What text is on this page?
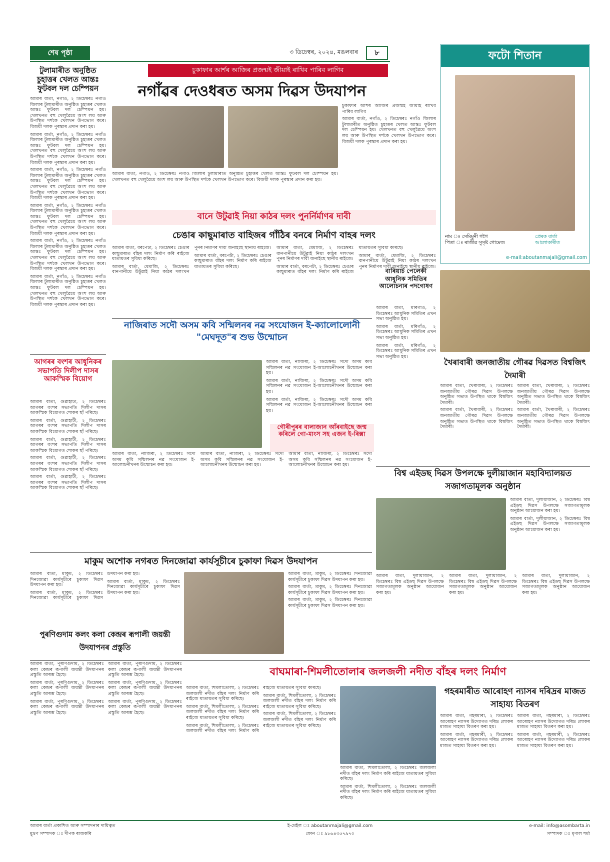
শেষ পৃষ্ঠা	৩ ডিচেম্বৰ, ২০২৪, মঙলবাৰ	৮
টুলামাৰীত অনুষ্ঠিত চুহাত্তৰ খেলত আন্তঃ ফুটবল দল চেম্পিয়ন

আমাৰ বাৰ্তা, নগাঁও, ২ ডিচেম্বৰঃ নগাঁও জিলাৰ টুলামাৰীত অনুষ্ঠিত চুহাত্তৰ খেলত আন্তঃ ফুটবল দল চেম্পিয়ন হয়। খেলখনত বহু খেলুৱৈয়ে অংশ লয় আৰু উপস্থিত দৰ্শকে খেলখন উপভোগ কৰে। বিজয়ী দলক পুৰস্কাৰ প্ৰদান কৰা হয়।

আমাৰ বাৰ্তা, নগাঁও, ২ ডিচেম্বৰঃ নগাঁও জিলাৰ টুলামাৰীত অনুষ্ঠিত চুহাত্তৰ খেলত আন্তঃ ফুটবল দল চেম্পিয়ন হয়। খেলখনত বহু খেলুৱৈয়ে অংশ লয় আৰু উপস্থিত দৰ্শকে খেলখন উপভোগ কৰে। বিজয়ী দলক পুৰস্কাৰ প্ৰদান কৰা হয়।

আমাৰ বাৰ্তা, নগাঁও, ২ ডিচেম্বৰঃ নগাঁও জিলাৰ টুলামাৰীত অনুষ্ঠিত চুহাত্তৰ খেলত আন্তঃ ফুটবল দল চেম্পিয়ন হয়। খেলখনত বহু খেলুৱৈয়ে অংশ লয় আৰু উপস্থিত দৰ্শকে খেলখন উপভোগ কৰে। বিজয়ী দলক পুৰস্কাৰ প্ৰদান কৰা হয়।

আমাৰ বাৰ্তা, নগাঁও, ২ ডিচেম্বৰঃ নগাঁও জিলাৰ টুলামাৰীত অনুষ্ঠিত চুহাত্তৰ খেলত আন্তঃ ফুটবল দল চেম্পিয়ন হয়। খেলখনত বহু খেলুৱৈয়ে অংশ লয় আৰু উপস্থিত দৰ্শকে খেলখন উপভোগ কৰে। বিজয়ী দলক পুৰস্কাৰ প্ৰদান কৰা হয়।

আমাৰ বাৰ্তা, নগাঁও, ২ ডিচেম্বৰঃ নগাঁও জিলাৰ টুলামাৰীত অনুষ্ঠিত চুহাত্তৰ খেলত আন্তঃ ফুটবল দল চেম্পিয়ন হয়। খেলখনত বহু খেলুৱৈয়ে অংশ লয় আৰু উপস্থিত দৰ্শকে খেলখন উপভোগ কৰে। বিজয়ী দলক পুৰস্কাৰ প্ৰদান কৰা হয়।

আমাৰ বাৰ্তা, নগাঁও, ২ ডিচেম্বৰঃ নগাঁও জিলাৰ টুলামাৰীত অনুষ্ঠিত চুহাত্তৰ খেলত আন্তঃ ফুটবল দল চেম্পিয়ন হয়। খেলখনত বহু খেলুৱৈয়ে অংশ লয় আৰু উপস্থিত দৰ্শকে খেলখন উপভোগ কৰে। বিজয়ী দলক পুৰস্কাৰ প্ৰদান কৰা হয়।

চুকাফাৰ আৰ্শৰ আজিৰ প্ৰজন্মই জীয়াই ৰাখিব পাৰিব লাগিব
নগাঁৱৰ দেওধৰত অসম দিৱস উদযাপন

চুকাফাৰ আৰ্শৰ আজিৰ প্ৰজন্মই জীয়াই ৰাখিব পাৰিব লাগিব

আমাৰ বাৰ্তা, নগাঁও, ২ ডিচেম্বৰঃ নগাঁও জিলাৰ টুলামাৰীত অনুষ্ঠিত চুহাত্তৰ খেলত আন্তঃ ফুটবল দল চেম্পিয়ন হয়। খেলখনত বহু খেলুৱৈয়ে অংশ লয় আৰু উপস্থিত দৰ্শকে খেলখন উপভোগ কৰে। বিজয়ী দলক পুৰস্কাৰ প্ৰদান কৰা হয়।

আমাৰ বাৰ্তা, নগাঁও, ২ ডিচেম্বৰঃ নগাঁও জিলাৰ টুলামাৰীত অনুষ্ঠিত চুহাত্তৰ খেলত আন্তঃ ফুটবল দল চেম্পিয়ন হয়। খেলখনত বহু খেলুৱৈয়ে অংশ লয় আৰু উপস্থিত দৰ্শকে খেলখন উপভোগ কৰে। বিজয়ী দলক পুৰস্কাৰ প্ৰদান কৰা হয়।

ফটো শিতান
নাম ঃ সেমিমুনী গগৈ
পিতা ঃ ৰাজীৱ সুসৃষ্ট গোমেজ
প্ৰেৰক বাৰ্তা
আলোকাৰীত
e-mail:aboutanmajali@gmail.com
বানে উটুৱাই নিয়া কাঠৰ দলং পুনৰ্নিৰ্মাণৰ দাবী
চেঙাৰ কাছুমাৰাত বাহিজৰ গাঁঠিৰ বনৰে নিৰ্মাণ বাহৰ দলং

আমাৰ বাৰ্তা, বৰপেটা, ২ ডিচেম্বৰঃ চেঙাৰ কাছুমাৰাত বাঁহৰ দলং নিৰ্মাণ কৰি ৰাইজে যাতায়তৰ সুবিধা কৰিছে।

আমাৰ বাৰ্তা, ধেমাজি, ২ ডিচেম্বৰঃ বানপানীয়ে উটুৱাই নিয়া কাঠৰ দলংখন পুনৰ নিৰ্মাণৰ দাবী জনাইছে স্থানীয় ৰাইজে।

আমাৰ বাৰ্তা, বৰপেটা, ২ ডিচেম্বৰঃ চেঙাৰ কাছুমাৰাত বাঁহৰ দলং নিৰ্মাণ কৰি ৰাইজে যাতায়তৰ সুবিধা কৰিছে।

আমাৰ বাৰ্তা, ধেমাজি, ২ ডিচেম্বৰঃ বানপানীয়ে উটুৱাই নিয়া কাঠৰ দলংখন পুনৰ নিৰ্মাণৰ দাবী জনাইছে স্থানীয় ৰাইজে।

আমাৰ বাৰ্তা, বৰপেটা, ২ ডিচেম্বৰঃ চেঙাৰ কাছুমাৰাত বাঁহৰ দলং নিৰ্মাণ কৰি ৰাইজে যাতায়তৰ সুবিধা কৰিছে।

আমাৰ বাৰ্তা, ধেমাজি, ২ ডিচেম্বৰঃ বানপানীয়ে উটুৱাই নিয়া কাঠৰ দলংখন পুনৰ নিৰ্মাণৰ দাবী জনাইছে স্থানীয় ৰাইজে।

বাৰিয়াৰ্চ পেলেকী আধুনিক সমিতিৰ আলোচনাৰ পদগোষণ

আমাৰ বাৰ্তা, মৰিগাঁও, ২ ডিচেম্বৰঃ আধুনিক সমিতিৰ এখন সভা অনুষ্ঠিত হয়।

আমাৰ বাৰ্তা, মৰিগাঁও, ২ ডিচেম্বৰঃ আধুনিক সমিতিৰ এখন সভা অনুষ্ঠিত হয়।

আমাৰ বাৰ্তা, মৰিগাঁও, ২ ডিচেম্বৰঃ আধুনিক সমিতিৰ এখন সভা অনুষ্ঠিত হয়।

আগৰৰ বংশৰ আধুনিকৰ সভাপতি দিলীপ দাসৰ আকস্মিক বিয়োগ

আমাৰ বাৰ্তা, গুৱাহাটী, ২ ডিচেম্বৰঃ আগৰৰ বংশৰ সভাপতি দিলীপ দাসৰ আকস্মিক বিয়োগত শোকৰ ছাঁ পৰিছে।

আমাৰ বাৰ্তা, গুৱাহাটী, ২ ডিচেম্বৰঃ আগৰৰ বংশৰ সভাপতি দিলীপ দাসৰ আকস্মিক বিয়োগত শোকৰ ছাঁ পৰিছে।

আমাৰ বাৰ্তা, গুৱাহাটী, ২ ডিচেম্বৰঃ আগৰৰ বংশৰ সভাপতি দিলীপ দাসৰ আকস্মিক বিয়োগত শোকৰ ছাঁ পৰিছে।

আমাৰ বাৰ্তা, গুৱাহাটী, ২ ডিচেম্বৰঃ আগৰৰ বংশৰ সভাপতি দিলীপ দাসৰ আকস্মিক বিয়োগত শোকৰ ছাঁ পৰিছে।

আমাৰ বাৰ্তা, গুৱাহাটী, ২ ডিচেম্বৰঃ আগৰৰ বংশৰ সভাপতি দিলীপ দাসৰ আকস্মিক বিয়োগত শোকৰ ছাঁ পৰিছে।

খৈৰাবাৰী জনজাতীয় গৌৰৱ দিৱসত বিশ্বজিৎ দৈমাৰী

আমাৰ বাৰ্তা, খৈৰাবাৰী, ২ ডিচেম্বৰঃ জনজাতীয় গৌৰৱ দিৱস উপলক্ষে অনুষ্ঠিত সভাত উপস্থিত থাকে বিশ্বজিৎ দৈমাৰী।

আমাৰ বাৰ্তা, খৈৰাবাৰী, ২ ডিচেম্বৰঃ জনজাতীয় গৌৰৱ দিৱস উপলক্ষে অনুষ্ঠিত সভাত উপস্থিত থাকে বিশ্বজিৎ দৈমাৰী।

আমাৰ বাৰ্তা, খৈৰাবাৰী, ২ ডিচেম্বৰঃ জনজাতীয় গৌৰৱ দিৱস উপলক্ষে অনুষ্ঠিত সভাত উপস্থিত থাকে বিশ্বজিৎ দৈমাৰী।

আমাৰ বাৰ্তা, খৈৰাবাৰী, ২ ডিচেম্বৰঃ জনজাতীয় গৌৰৱ দিৱস উপলক্ষে অনুষ্ঠিত সভাত উপস্থিত থাকে বিশ্বজিৎ দৈমাৰী।

নাজিৰাত সদৌ অসম কবি সন্মিলনৰ নৱ সংযোজন ই-ক্যালোলোনী "মেঘদূত"ৰ শুভ উন্মোচন

আমাৰ বাৰ্তা, নাজিৰা, ২ ডিচেম্বৰঃ সদৌ অসম কবি সন্মিলনৰ নৱ সংযোজন ই-আলোচনীখনৰ উন্মোচন কৰা হয়।

আমাৰ বাৰ্তা, নাজিৰা, ২ ডিচেম্বৰঃ সদৌ অসম কবি সন্মিলনৰ নৱ সংযোজন ই-আলোচনীখনৰ উন্মোচন কৰা হয়।

আমাৰ বাৰ্তা, নাজিৰা, ২ ডিচেম্বৰঃ সদৌ অসম কবি সন্মিলনৰ নৱ সংযোজন ই-আলোচনীখনৰ উন্মোচন কৰা হয়।

আমাৰ বাৰ্তা, নাজিৰা, ২ ডিচেম্বৰঃ সদৌ অসম কবি সন্মিলনৰ নৱ সংযোজন ই-আলোচনীখনৰ উন্মোচন কৰা হয়।

আমাৰ বাৰ্তা, নাজিৰা, ২ ডিচেম্বৰঃ সদৌ অসম কবি সন্মিলনৰ নৱ সংযোজন ই-আলোচনীখনৰ উন্মোচন কৰা হয়।

আমাৰ বাৰ্তা, নাজিৰা, ২ ডিচেম্বৰঃ সদৌ অসম কবি সন্মিলনৰ নৱ সংযোজন ই-আলোচনীখনৰ উন্মোচন কৰা হয়।

গৌৰীপুৰৰ বালাজান আঁৰবাইছে জন্ম কৰিলে গো-মাংস সহ এজন ই-ৰিক্সা
বিশ্ব এইডছ দিৱস উপলক্ষে দুলীয়াজান মহাবিদ্যালয়ত সজাগতামূলক অনুষ্ঠান

আমাৰ বাৰ্তা, দুলীয়াজান, ২ ডিচেম্বৰঃ বিশ্ব এইডছ দিৱস উপলক্ষে সজাগতামূলক অনুষ্ঠান আয়োজন কৰা হয়।

আমাৰ বাৰ্তা, দুলীয়াজান, ২ ডিচেম্বৰঃ বিশ্ব এইডছ দিৱস উপলক্ষে সজাগতামূলক অনুষ্ঠান আয়োজন কৰা হয়।

আমাৰ বাৰ্তা, দুলীয়াজান, ২ ডিচেম্বৰঃ বিশ্ব এইডছ দিৱস উপলক্ষে সজাগতামূলক অনুষ্ঠান আয়োজন কৰা হয়।

আমাৰ বাৰ্তা, দুলীয়াজান, ২ ডিচেম্বৰঃ বিশ্ব এইডছ দিৱস উপলক্ষে সজাগতামূলক অনুষ্ঠান আয়োজন কৰা হয়।

আমাৰ বাৰ্তা, দুলীয়াজান, ২ ডিচেম্বৰঃ বিশ্ব এইডছ দিৱস উপলক্ষে সজাগতামূলক অনুষ্ঠান আয়োজন কৰা হয়।

মাকুম অশোক নগৰত দিনজোৱা কাৰ্যসূচীৰে চুকাফা দিৱস উদযাপন

আমাৰ বাৰ্তা, মাকুম, ২ ডিচেম্বৰঃ দিনজোৱা কাৰ্যসূচীৰে চুকাফা দিৱস উদযাপন কৰা হয়।

আমাৰ বাৰ্তা, মাকুম, ২ ডিচেম্বৰঃ দিনজোৱা কাৰ্যসূচীৰে চুকাফা দিৱস উদযাপন কৰা হয়।

আমাৰ বাৰ্তা, মাকুম, ২ ডিচেম্বৰঃ দিনজোৱা কাৰ্যসূচীৰে চুকাফা দিৱস উদযাপন কৰা হয়।

আমাৰ বাৰ্তা, মাকুম, ২ ডিচেম্বৰঃ দিনজোৱা কাৰ্যসূচীৰে চুকাফা দিৱস উদযাপন কৰা হয়।

আমাৰ বাৰ্তা, মাকুম, ২ ডিচেম্বৰঃ দিনজোৱা কাৰ্যসূচীৰে চুকাফা দিৱস উদযাপন কৰা হয়।

আমাৰ বাৰ্তা, মাকুম, ২ ডিচেম্বৰঃ দিনজোৱা কাৰ্যসূচীৰে চুকাফা দিৱস উদযাপন কৰা হয়।

পুৰণিগুদাম কলং কলা কেন্দ্ৰৰ ৰূপালী জয়ন্তী উদযাপনৰ প্ৰস্তুতি
বাঘমাৰা-শিমলীতোলাৰ জলজলী নদীত বাঁহৰ দলং নিৰ্মাণ

আমাৰ বাৰ্তা, পুৰণিগুদাম, ২ ডিচেম্বৰঃ কলা কেন্দ্ৰৰ ৰূপালী জয়ন্তী উদযাপনৰ প্ৰস্তুতি আৰম্ভ হৈছে।

আমাৰ বাৰ্তা, পুৰণিগুদাম, ২ ডিচেম্বৰঃ কলা কেন্দ্ৰৰ ৰূপালী জয়ন্তী উদযাপনৰ প্ৰস্তুতি আৰম্ভ হৈছে।

আমাৰ বাৰ্তা, পুৰণিগুদাম, ২ ডিচেম্বৰঃ কলা কেন্দ্ৰৰ ৰূপালী জয়ন্তী উদযাপনৰ প্ৰস্তুতি আৰম্ভ হৈছে।

আমাৰ বাৰ্তা, পুৰণিগুদাম, ২ ডিচেম্বৰঃ কলা কেন্দ্ৰৰ ৰূপালী জয়ন্তী উদযাপনৰ প্ৰস্তুতি আৰম্ভ হৈছে।

আমাৰ বাৰ্তা, পুৰণিগুদাম, ২ ডিচেম্বৰঃ কলা কেন্দ্ৰৰ ৰূপালী জয়ন্তী উদযাপনৰ প্ৰস্তুতি আৰম্ভ হৈছে।

আমাৰ বাৰ্তা, পুৰণিগুদাম, ২ ডিচেম্বৰঃ কলা কেন্দ্ৰৰ ৰূপালী জয়ন্তী উদযাপনৰ প্ৰস্তুতি আৰম্ভ হৈছে।

আমাৰ বাৰ্তা, শিমলীতোলা, ২ ডিচেম্বৰঃ জলজলী নদীত বাঁহৰ দলং নিৰ্মাণ কৰি ৰাইজে যাতায়তৰ সুবিধা কৰিছে।

আমাৰ বাৰ্তা, শিমলীতোলা, ২ ডিচেম্বৰঃ জলজলী নদীত বাঁহৰ দলং নিৰ্মাণ কৰি ৰাইজে যাতায়তৰ সুবিধা কৰিছে।

আমাৰ বাৰ্তা, শিমলীতোলা, ২ ডিচেম্বৰঃ জলজলী নদীত বাঁহৰ দলং নিৰ্মাণ কৰি ৰাইজে যাতায়তৰ সুবিধা কৰিছে।

আমাৰ বাৰ্তা, শিমলীতোলা, ২ ডিচেম্বৰঃ জলজলী নদীত বাঁহৰ দলং নিৰ্মাণ কৰি ৰাইজে যাতায়তৰ সুবিধা কৰিছে।

আমাৰ বাৰ্তা, শিমলীতোলা, ২ ডিচেম্বৰঃ জলজলী নদীত বাঁহৰ দলং নিৰ্মাণ কৰি ৰাইজে যাতায়তৰ সুবিধা কৰিছে।

আমাৰ বাৰ্তা, শিমলীতোলা, ২ ডিচেম্বৰঃ জলজলী নদীত বাঁহৰ দলং নিৰ্মাণ কৰি ৰাইজে যাতায়তৰ সুবিধা কৰিছে।

আমাৰ বাৰ্তা, শিমলীতোলা, ২ ডিচেম্বৰঃ জলজলী নদীত বাঁহৰ দলং নিৰ্মাণ কৰি ৰাইজে যাতায়তৰ সুবিধা কৰিছে।

গহৰমাৰীত আৰোহণ ন্যাসৰ দৰিদ্ৰৰ মাজত সাহায্য বিতৰণ

আমাৰ বাৰ্তা, গহৰমাৰী, ২ ডিচেম্বৰঃ আৰোহণ ন্যাসৰ উদ্যোগত দৰিদ্ৰ লোকৰ মাজত সাহায্য বিতৰণ কৰা হয়।

আমাৰ বাৰ্তা, গহৰমাৰী, ২ ডিচেম্বৰঃ আৰোহণ ন্যাসৰ উদ্যোগত দৰিদ্ৰ লোকৰ মাজত সাহায্য বিতৰণ কৰা হয়।

আমাৰ বাৰ্তা, গহৰমাৰী, ২ ডিচেম্বৰঃ আৰোহণ ন্যাসৰ উদ্যোগত দৰিদ্ৰ লোকৰ মাজত সাহায্য বিতৰণ কৰা হয়।

আমাৰ বাৰ্তা, গহৰমাৰী, ২ ডিচেম্বৰঃ আৰোহণ ন্যাসৰ উদ্যোগত দৰিদ্ৰ লোকৰ মাজত সাহায্য বিতৰণ কৰা হয়।

আমাৰ বাৰ্তা প্ৰকাশিত আৰু সম্পাদনাৰ দায়িত্বত	ই-মেইল ঃ aboutanmajali@gmail.com	e-mail: info@asombarta.in
মুদ্ৰণ সম্পাদক ঃ দীপক ৰাজকৰি	ফোন ঃ ৯৮৬৪৩৫৭৯৭০	সম্পাদক ঃ মৃণাল শৰ্মা
